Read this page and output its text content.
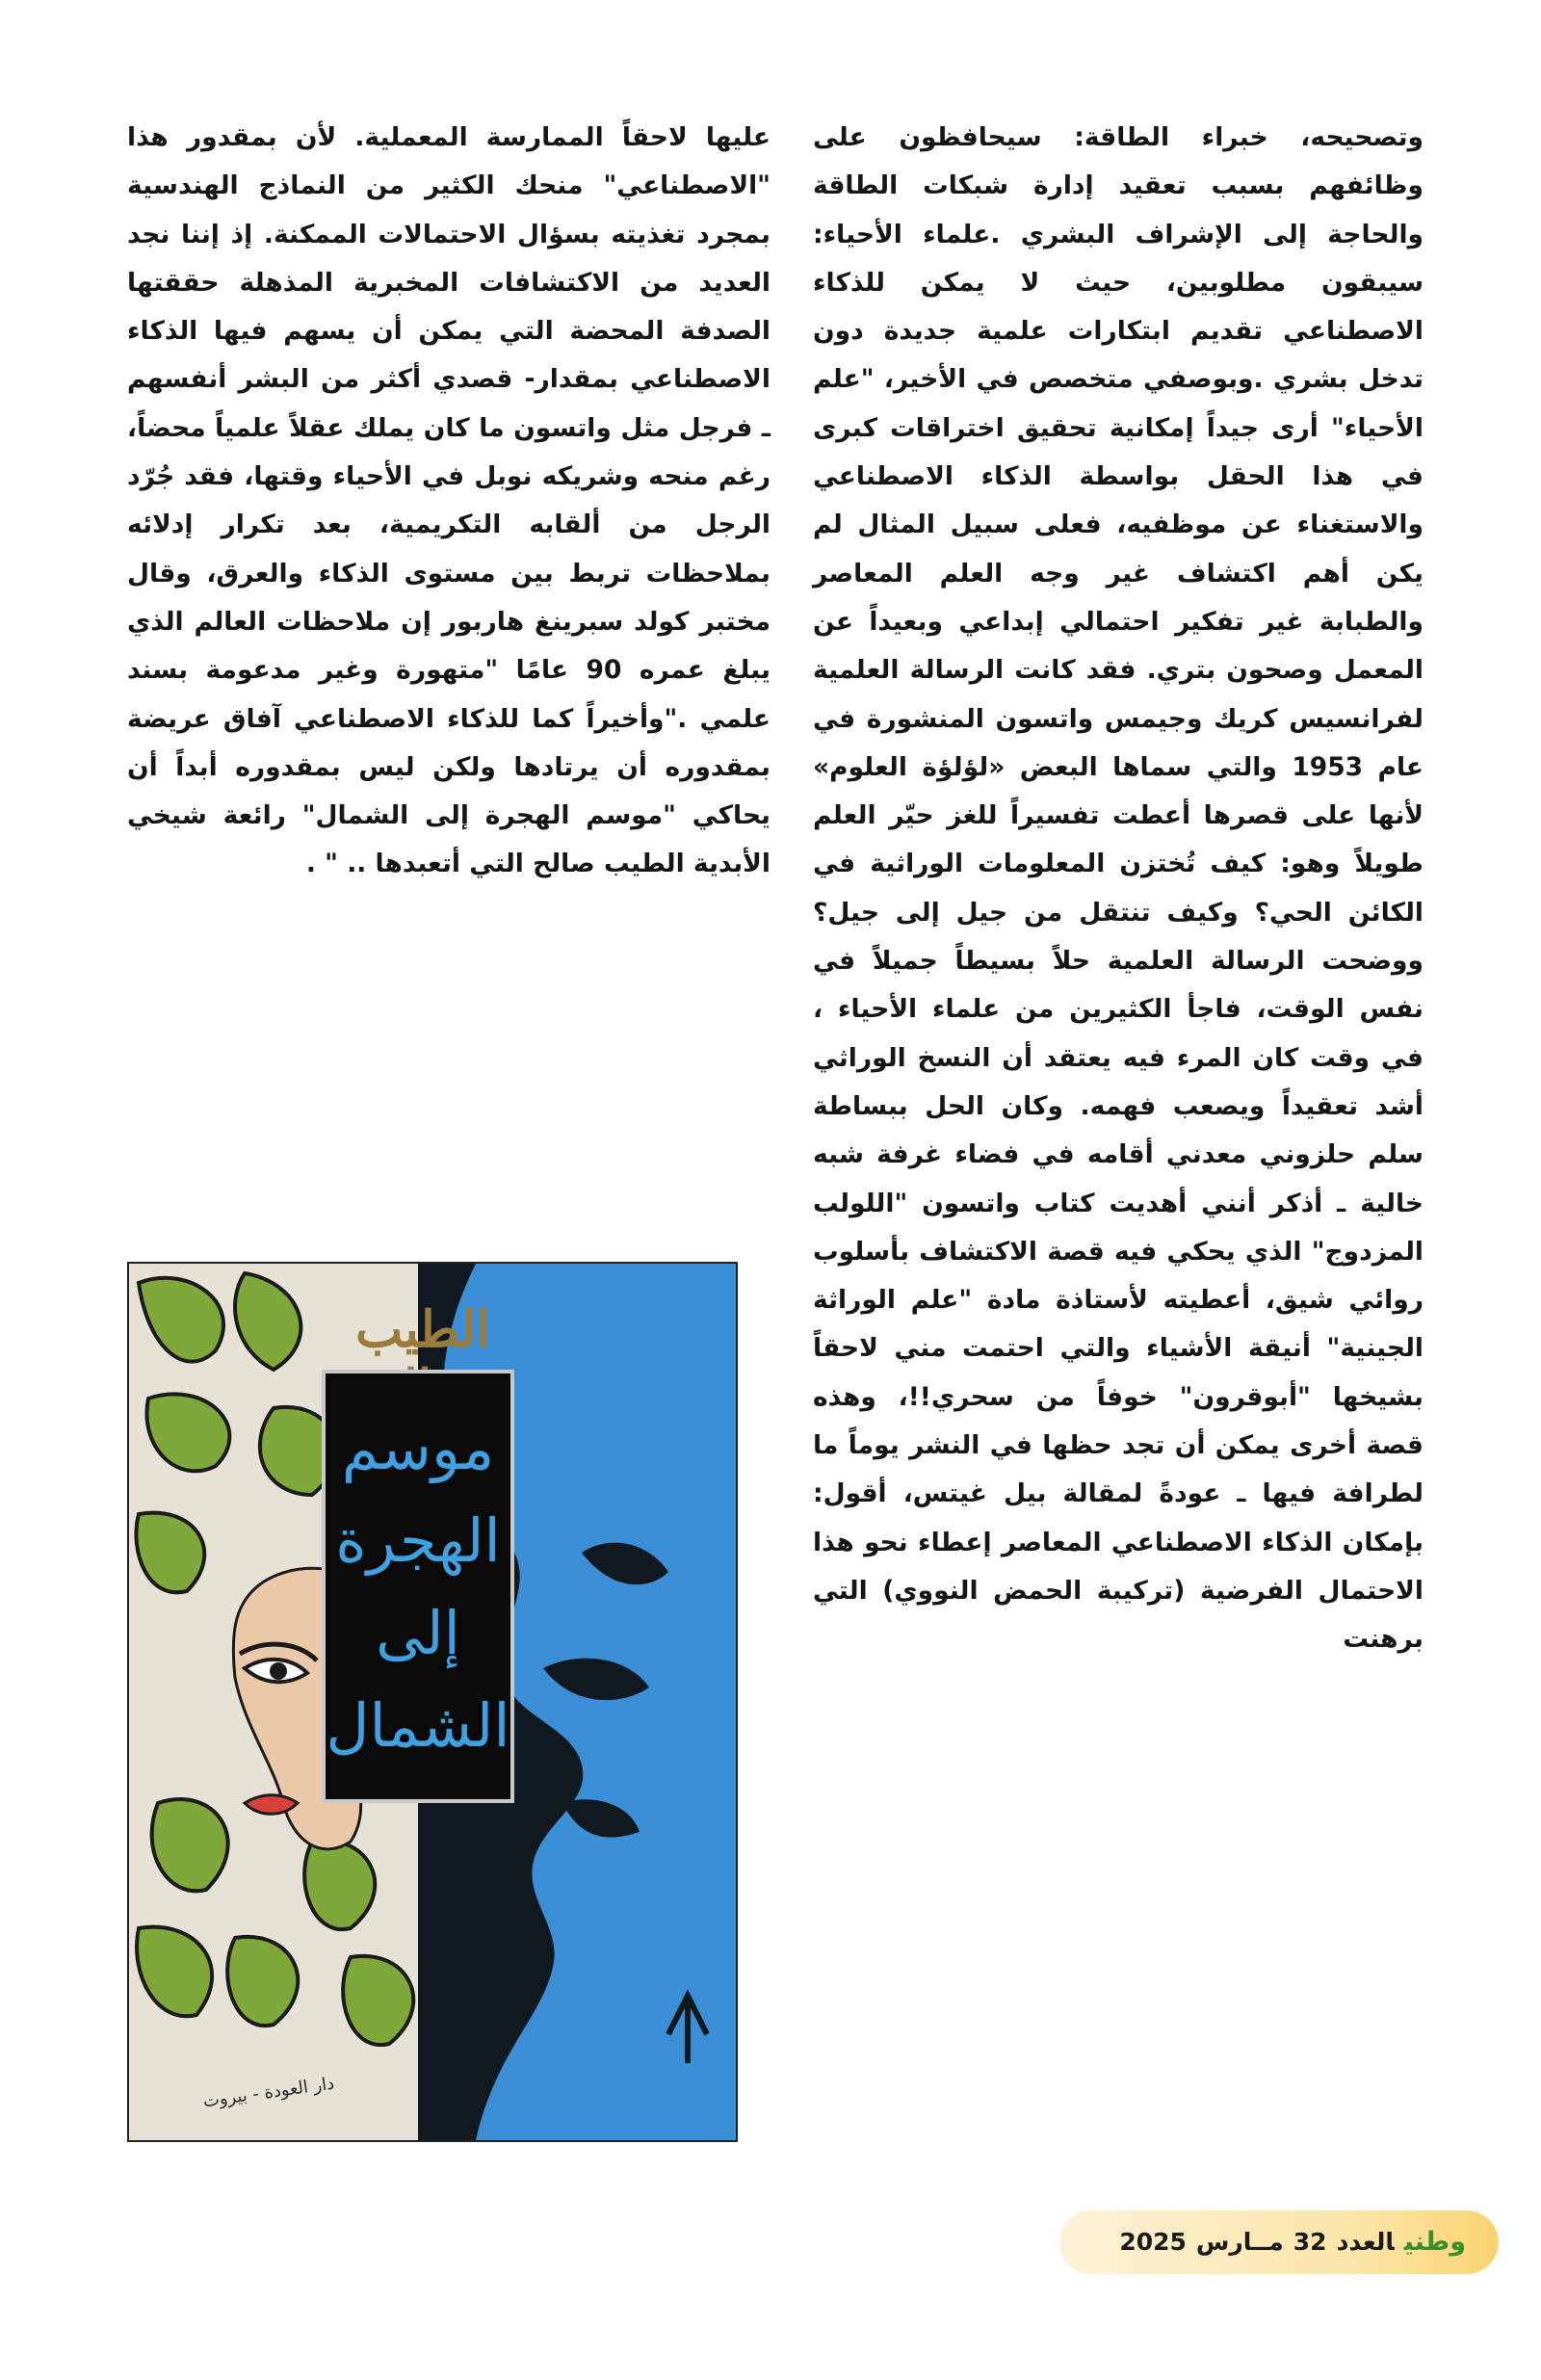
وتصحيحه، خبراء الطاقة: سيحافظون على وظائفهم بسبب تعقيد إدارة شبكات الطاقة والحاجة إلى الإشراف البشري .علماء الأحياء: سيبقون مطلوبين، حيث لا يمكن للذكاء الاصطناعي تقديم ابتكارات علمية جديدة دون تدخل بشري .وبوصفي متخصص في الأخير، "علم الأحياء" أرى جيداً إمكانية تحقيق اختراقات كبرى في هذا الحقل بواسطة الذكاء الاصطناعي والاستغناء عن موظفيه، فعلى سبيل المثال لم يكن أهم اكتشاف غير وجه العلم المعاصر والطبابة غير تفكير احتمالي إبداعي وبعيداً عن المعمل وصحون بتري. فقد كانت الرسالة العلمية لفرانسيس كريك وجيمس واتسون المنشورة في عام 1953 والتي سماها البعض «لؤلؤة العلوم» لأنها على قصرها أعطت تفسيراً للغز حيّر العلم طويلاً وهو: كيف تُختزن المعلومات الوراثية في الكائن الحي؟ وكيف تنتقل من جيل إلى جيل؟ ووضحت الرسالة العلمية حلاً بسيطاً جميلاً في نفس الوقت، فاجأ الكثيرين من علماء الأحياء ، في وقت كان المرء فيه يعتقد أن النسخ الوراثي أشد تعقيداً ويصعب فهمه. وكان الحل ببساطة سلم حلزوني معدني أقامه في فضاء غرفة شبه خالية ـ أذكر أنني أهديت كتاب واتسون "اللولب المزدوج" الذي يحكي فيه قصة الاكتشاف بأسلوب روائي شيق، أعطيته لأستاذة مادة "علم الوراثة الجينية" أنيقة الأشياء والتي احتمت مني لاحقاً بشيخها "أبوقرون" خوفاً من سحري!!، وهذه قصة أخرى يمكن أن تجد حظها في النشر يوماً ما لطرافة فيها ـ عودةً لمقالة بيل غيتس، أقول: بإمكان الذكاء الاصطناعي المعاصر إعطاء نحو هذا الاحتمال الفرضية (تركيبة الحمض النووي) التي برهنت

عليها لاحقاً الممارسة المعملية. لأن بمقدور هذا "الاصطناعي" منحك الكثير من النماذج الهندسية بمجرد تغذيته بسؤال الاحتمالات الممكنة. إذ إننا نجد العديد من الاكتشافات المخبرية المذهلة حققتها الصدفة المحضة التي يمكن أن يسهم فيها الذكاء الاصطناعي بمقدار- قصدي أكثر من البشر أنفسهم ـ فرجل مثل واتسون ما كان يملك عقلاً علمياً محضاً، رغم منحه وشريكه نوبل في الأحياء وقتها، فقد جُرّد الرجل من ألقابه التكريمية، بعد تكرار إدلائه بملاحظات تربط بين مستوى الذكاء والعرق، وقال مختبر كولد سبرينغ هاربور إن ملاحظات العالم الذي يبلغ عمره 90 عامًا "متهورة وغير مدعومة بسند علمي ."وأخيراً كما للذكاء الاصطناعي آفاق عريضة بمقدوره أن يرتادها ولكن ليس بمقدوره أبداً أن يحاكي "موسم الهجرة إلى الشمال" رائعة شيخي الأبدية الطيب صالح التي أتعبدها .. " .

الطيب
موسم
الهجرة
إلى
الشمال
دار العودة - بيروت
وطنيالعدد32مــارس2025
